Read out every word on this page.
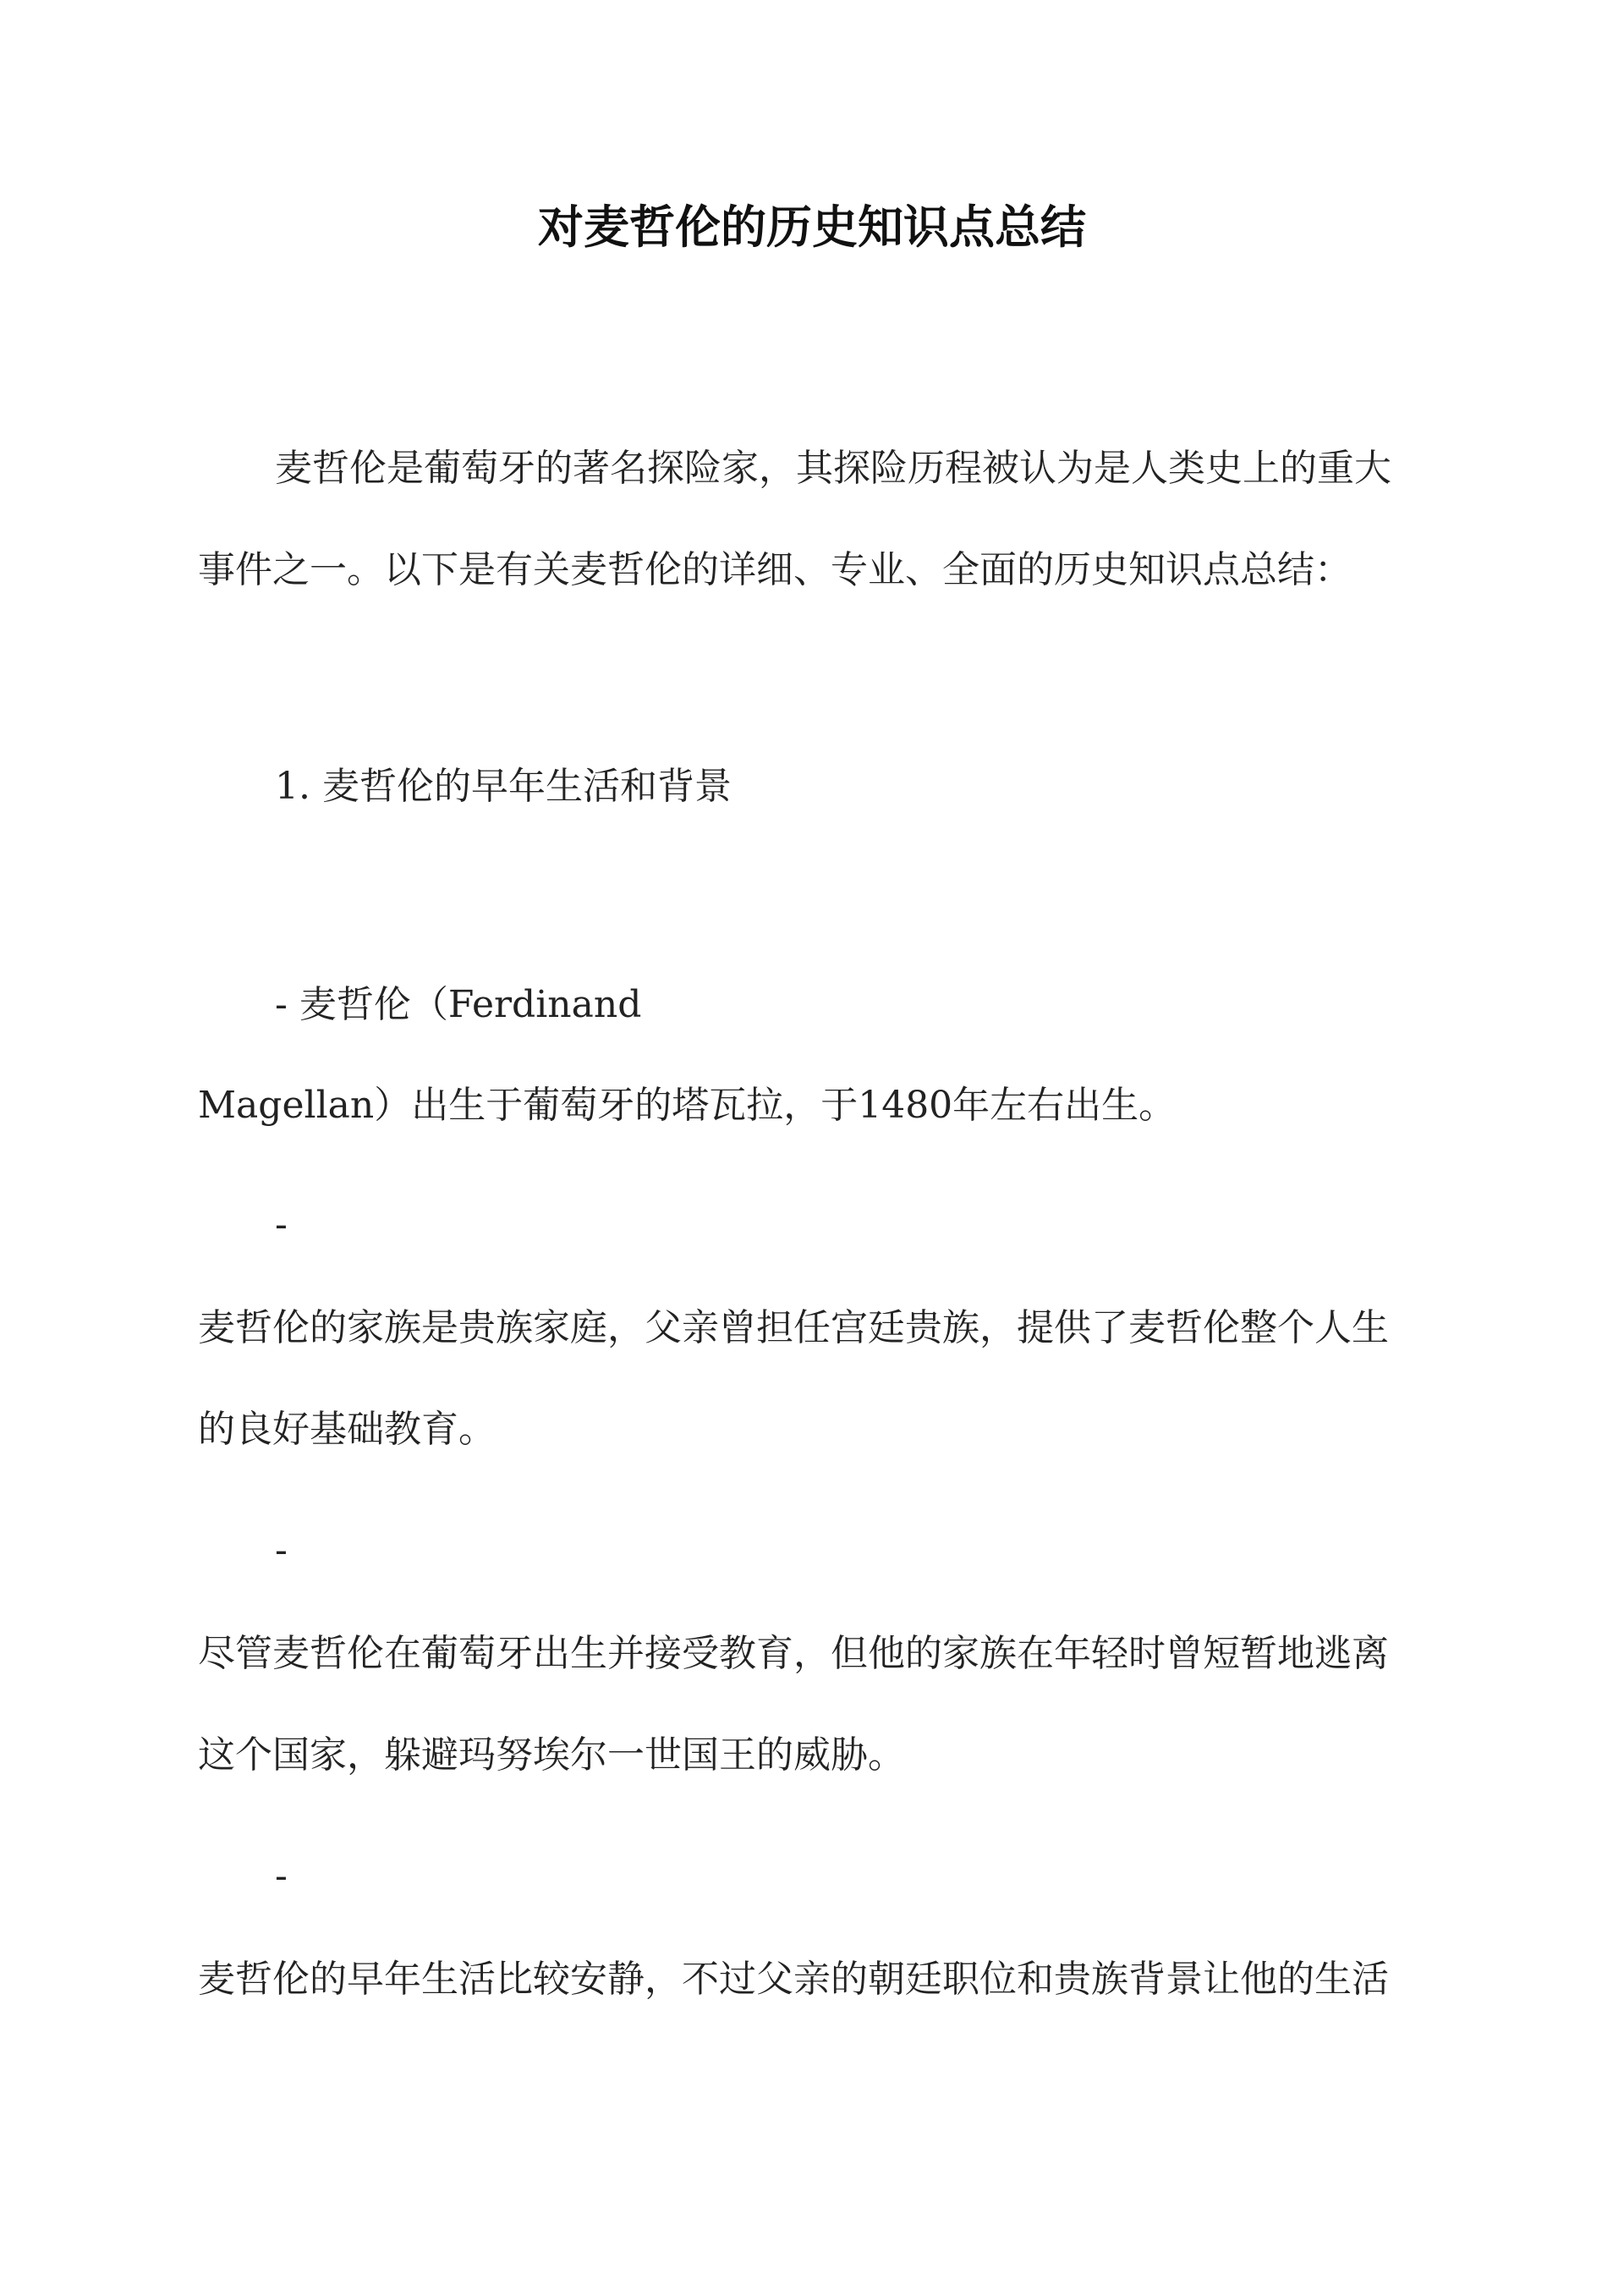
对麦哲伦的历史知识点总结
麦哲伦是葡萄牙的著名探险家，其探险历程被认为是人类史上的重大
事件之一。以下是有关麦哲伦的详细、专业、全面的历史知识点总结：
1. 麦哲伦的早年生活和背景
- 麦哲伦（Ferdinand
Magellan）出生于葡萄牙的塔瓦拉，于1480年左右出生。
-
麦哲伦的家族是贵族家庭，父亲曾担任宫廷贵族，提供了麦哲伦整个人生
的良好基础教育。
-
尽管麦哲伦在葡萄牙出生并接受教育，但他的家族在年轻时曾短暂地逃离
这个国家，躲避玛努埃尔一世国王的威胁。
-
麦哲伦的早年生活比较安静，不过父亲的朝廷职位和贵族背景让他的生活
